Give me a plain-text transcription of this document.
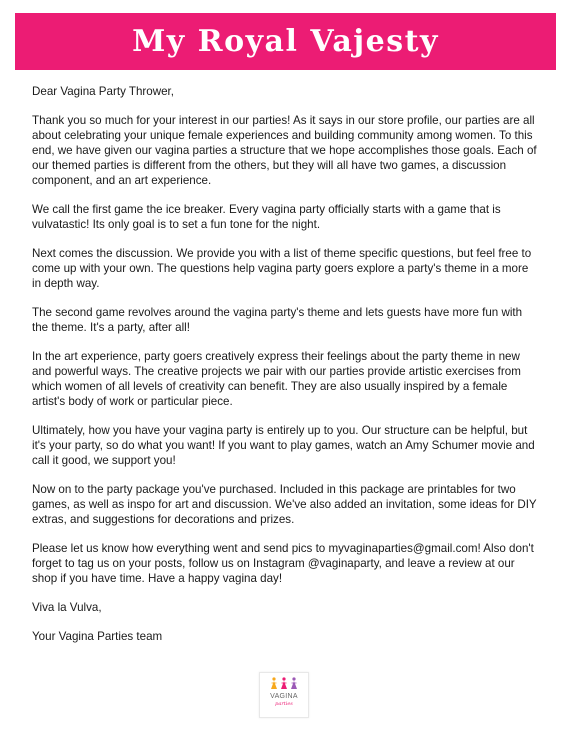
My Royal Vajesty

Dear Vagina Party Thrower,

Thank you so much for your interest in our parties! As it says in our store profile, our parties are all about celebrating your unique female experiences and building community among women. To this end, we have given our vagina parties a structure that we hope accomplishes those goals. Each of our themed parties is different from the others, but they will all have two games, a discussion component, and an art experience.

We call the first game the ice breaker. Every vagina party officially starts with a game that is vulvatastic! Its only goal is to set a fun tone for the night.

Next comes the discussion. We provide you with a list of theme specific questions, but feel free to come up with your own. The questions help vagina party goers explore a party's theme in a more in depth way.

The second game revolves around the vagina party's theme and lets guests have more fun with the theme. It's a party, after all!

In the art experience, party goers creatively express their feelings about the party theme in new and powerful ways. The creative projects we pair with our parties provide artistic exercises from which women of all levels of creativity can benefit. They are also usually inspired by a female artist's body of work or particular piece.

Ultimately, how you have your vagina party is entirely up to you. Our structure can be helpful, but it's your party, so do what you want! If you want to play games, watch an Amy Schumer movie and call it good, we support you!

Now on to the party package you've purchased. Included in this package are printables for two games, as well as inspo for art and discussion. We've also added an invitation, some ideas for DIY extras, and suggestions for decorations and prizes.

Please let us know how everything went and send pics to myvaginaparties@gmail.com! Also don't forget to tag us on your posts, follow us on Instagram @vaginaparty, and leave a review at our shop if you have time. Have a happy vagina day!

Viva la Vulva,

Your Vagina Parties team

VAGINA
parties
